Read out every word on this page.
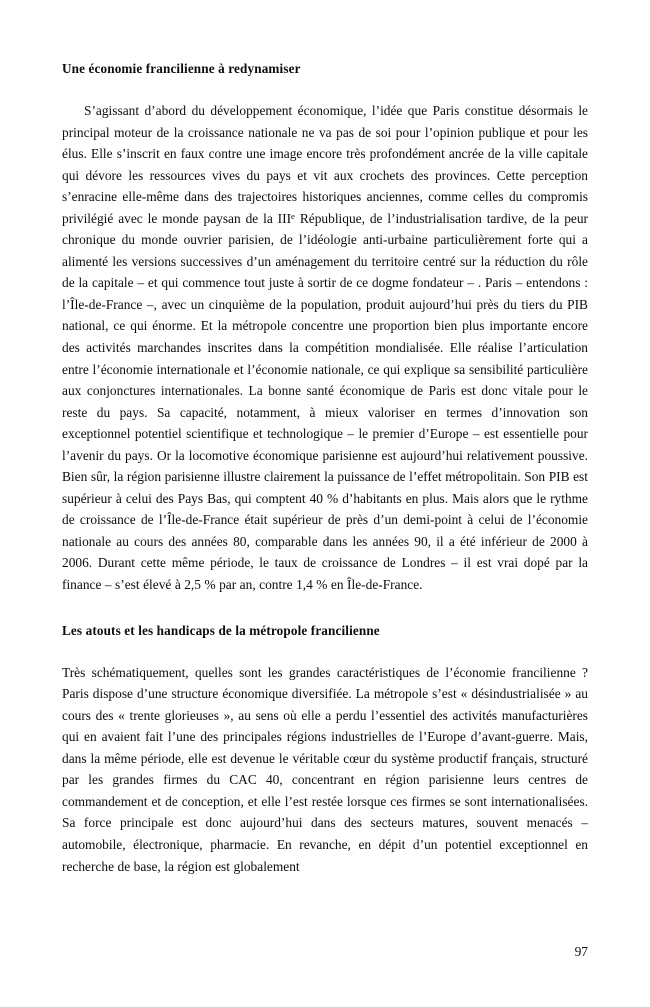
Une économie francilienne à redynamiser

S’agissant d’abord du développement économique, l’idée que Paris constitue désormais le principal moteur de la croissance nationale ne va pas de soi pour l’opinion publique et pour les élus. Elle s’inscrit en faux contre une image encore très profondément ancrée de la ville capitale qui dévore les ressources vives du pays et vit aux crochets des provinces. Cette perception s’enracine elle-même dans des trajectoires historiques anciennes, comme celles du compromis privilégié avec le monde paysan de la IIIe République, de l’industrialisation tardive, de la peur chronique du monde ouvrier parisien, de l’idéologie anti-urbaine particulièrement forte qui a alimenté les versions successives d’un aménagement du territoire centré sur la réduction du rôle de la capitale – et qui commence tout juste à sortir de ce dogme fondateur – . Paris – entendons : l’Île-de-France –, avec un cinquième de la population, produit aujourd’hui près du tiers du PIB national, ce qui énorme. Et la métropole concentre une proportion bien plus importante encore des activités marchandes inscrites dans la compétition mondialisée. Elle réalise l’articulation entre l’économie internationale et l’économie nationale, ce qui explique sa sensibilité particulière aux conjonctures internationales. La bonne santé économique de Paris est donc vitale pour le reste du pays. Sa capacité, notamment, à mieux valoriser en termes d’innovation son exceptionnel potentiel scientifique et technologique – le premier d’Europe – est essentielle pour l’avenir du pays. Or la locomotive économique parisienne est aujourd’hui relativement poussive. Bien sûr, la région parisienne illustre clairement la puissance de l’effet métropolitain. Son PIB est supérieur à celui des Pays Bas, qui comptent 40 % d’habitants en plus. Mais alors que le rythme de croissance de l’Île-de-France était supérieur de près d’un demi-point à celui de l’économie nationale au cours des années 80, comparable dans les années 90, il a été inférieur de 2000 à 2006. Durant cette même période, le taux de croissance de Londres – il est vrai dopé par la finance – s’est élevé à 2,5 % par an, contre 1,4 % en Île-de-France.

Les atouts et les handicaps de la métropole francilienne

Très schématiquement, quelles sont les grandes caractéristiques de l’économie francilienne ? Paris dispose d’une structure économique diversifiée. La métropole s’est « désindustrialisée » au cours des « trente glorieuses », au sens où elle a perdu l’essentiel des activités manufacturières qui en avaient fait l’une des principales régions industrielles de l’Europe d’avant-guerre. Mais, dans la même période, elle est devenue le véritable cœur du système productif français, structuré par les grandes firmes du CAC 40, concentrant en région parisienne leurs centres de commandement et de conception, et elle l’est restée lorsque ces firmes se sont internationalisées. Sa force principale est donc aujourd’hui dans des secteurs matures, souvent menacés – automobile, électronique, pharmacie. En revanche, en dépit d’un potentiel exceptionnel en recherche de base, la région est globalement

97
